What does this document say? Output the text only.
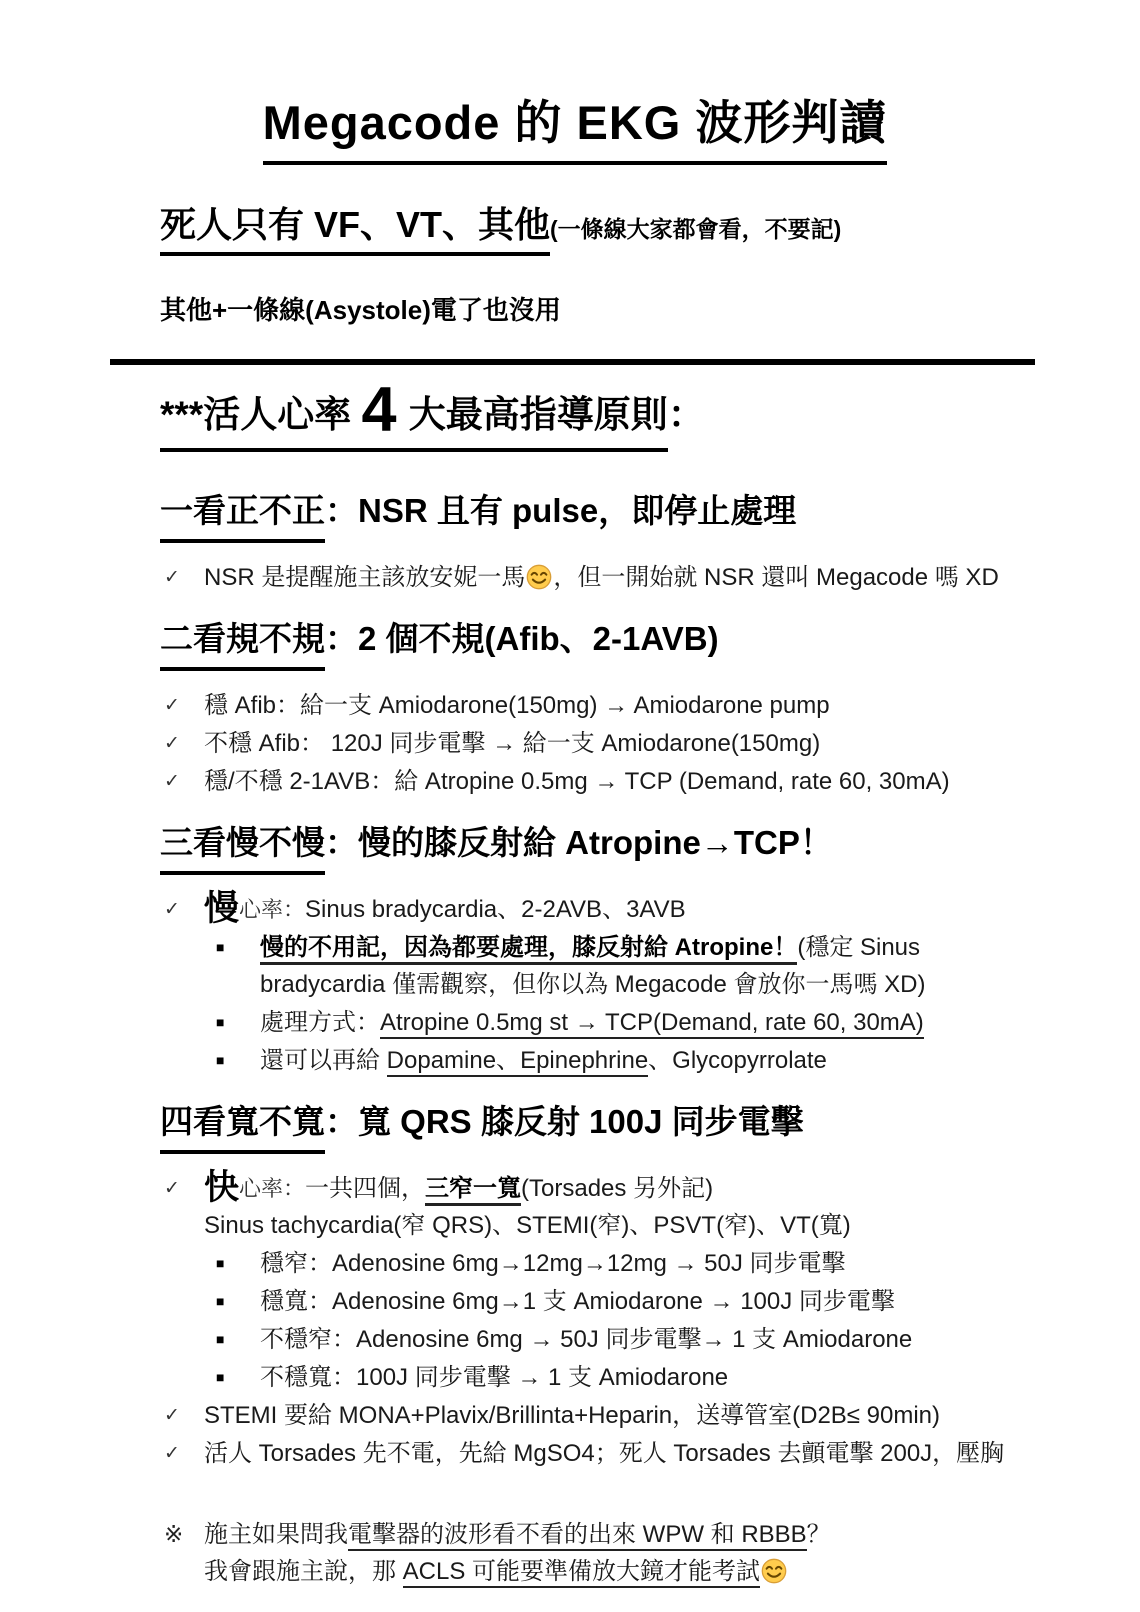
Megacode 的 EKG 波形判讀
死人只有 VF、VT、其他(一條線大家都會看，不要記)

其他+一條線(Asystole)電了也沒用

***活人心率 4 大最高指導原則：
一看正不正：NSR 且有 pulse，即停止處理
✓	NSR 是提醒施主該放安妮一馬 ，但一開始就 NSR 還叫 Megacode 嗎 XD
二看規不規：2 個不規(Afib、2-1AVB)
✓	穩 Afib：給一支 Amiodarone(150mg) → Amiodarone pump
✓	不穩 Afib： 120J 同步電擊 → 給一支 Amiodarone(150mg)
✓	穩/不穩 2-1AVB：給 Atropine 0.5mg → TCP (Demand, rate 60, 30mA)
三看慢不慢：慢的膝反射給 Atropine→TCP！
✓ 慢心率：Sinus bradycardia、2-2AVB、3AVB
■	慢的不用記，因為都要處理，膝反射給 Atropine！(穩定 Sinus
bradycardia 僅需觀察，但你以為 Megacode 會放你一馬嗎 XD)
■	處理方式：Atropine 0.5mg st → TCP(Demand, rate 60, 30mA)
■	還可以再給 Dopamine、Epinephrine、Glycopyrrolate
四看寬不寬：寬 QRS 膝反射 100J 同步電擊
✓ 快心率：一共四個，三窄一寬(Torsades 另外記)
Sinus tachycardia(窄 QRS)、STEMI(窄)、PSVT(窄)、VT(寬)
■	穩窄：Adenosine 6mg→12mg→12mg → 50J 同步電擊
■	穩寬：Adenosine 6mg→1 支 Amiodarone → 100J 同步電擊
■	不穩窄：Adenosine 6mg → 50J 同步電擊→ 1 支 Amiodarone
■	不穩寬：100J 同步電擊 → 1 支 Amiodarone
✓	STEMI 要給 MONA+Plavix/Brillinta+Heparin，送導管室(D2B≤ 90min)
✓	活人 Torsades 先不電，先給 MgSO4；死人 Torsades 去顫電擊 200J，壓胸
※ 施主如果問我電擊器的波形看不看的出來 WPW 和 RBBB？
我會跟施主說，那 ACLS 可能要準備放大鏡才能考試
